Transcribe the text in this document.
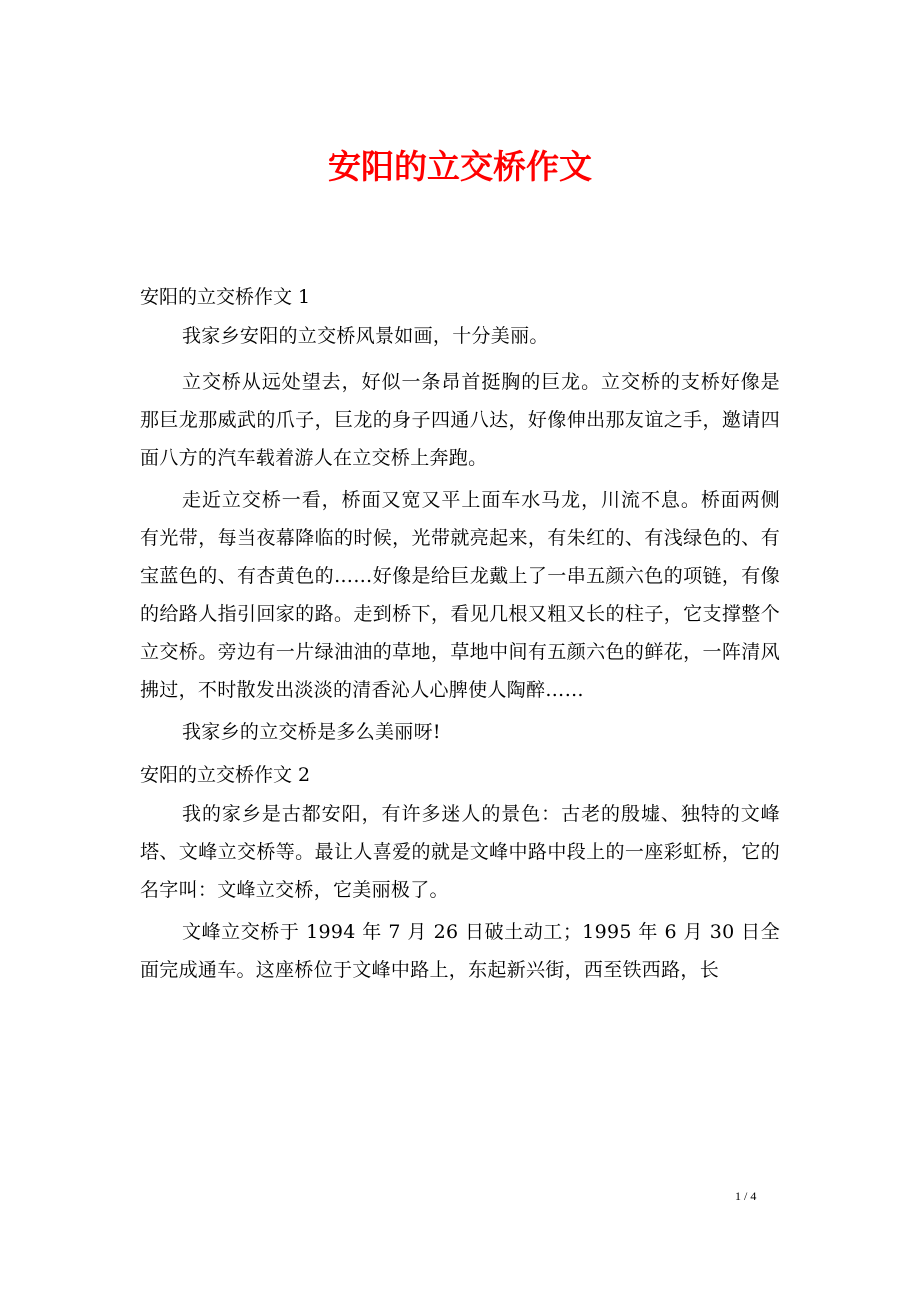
安阳的立交桥作文
安阳的立交桥作文 1

我家乡安阳的立交桥风景如画，十分美丽。

立交桥从远处望去，好似一条昂首挺胸的巨龙。立交桥的支桥好像是那巨龙那威武的爪子，巨龙的身子四通八达，好像伸出那友谊之手，邀请四面八方的汽车载着游人在立交桥上奔跑。

走近立交桥一看，桥面又宽又平上面车水马龙，川流不息。桥面两侧有光带，每当夜幕降临的时候，光带就亮起来，有朱红的、有浅绿色的、有宝蓝色的、有杏黄色的……好像是给巨龙戴上了一串五颜六色的项链，有像的给路人指引回家的路。走到桥下，看见几根又粗又长的柱子，它支撑整个立交桥。旁边有一片绿油油的草地，草地中间有五颜六色的鲜花，一阵清风拂过，不时散发出淡淡的清香沁人心脾使人陶醉……

我家乡的立交桥是多么美丽呀!

安阳的立交桥作文 2

我的家乡是古都安阳，有许多迷人的景色：古老的殷墟、独特的文峰塔、文峰立交桥等。最让人喜爱的就是文峰中路中段上的一座彩虹桥，它的名字叫：文峰立交桥，它美丽极了。

文峰立交桥于 1994 年 7 月 26 日破土动工；1995 年 6 月 30 日全面完成通车。这座桥位于文峰中路上，东起新兴街，西至铁西路，长

1 / 4
